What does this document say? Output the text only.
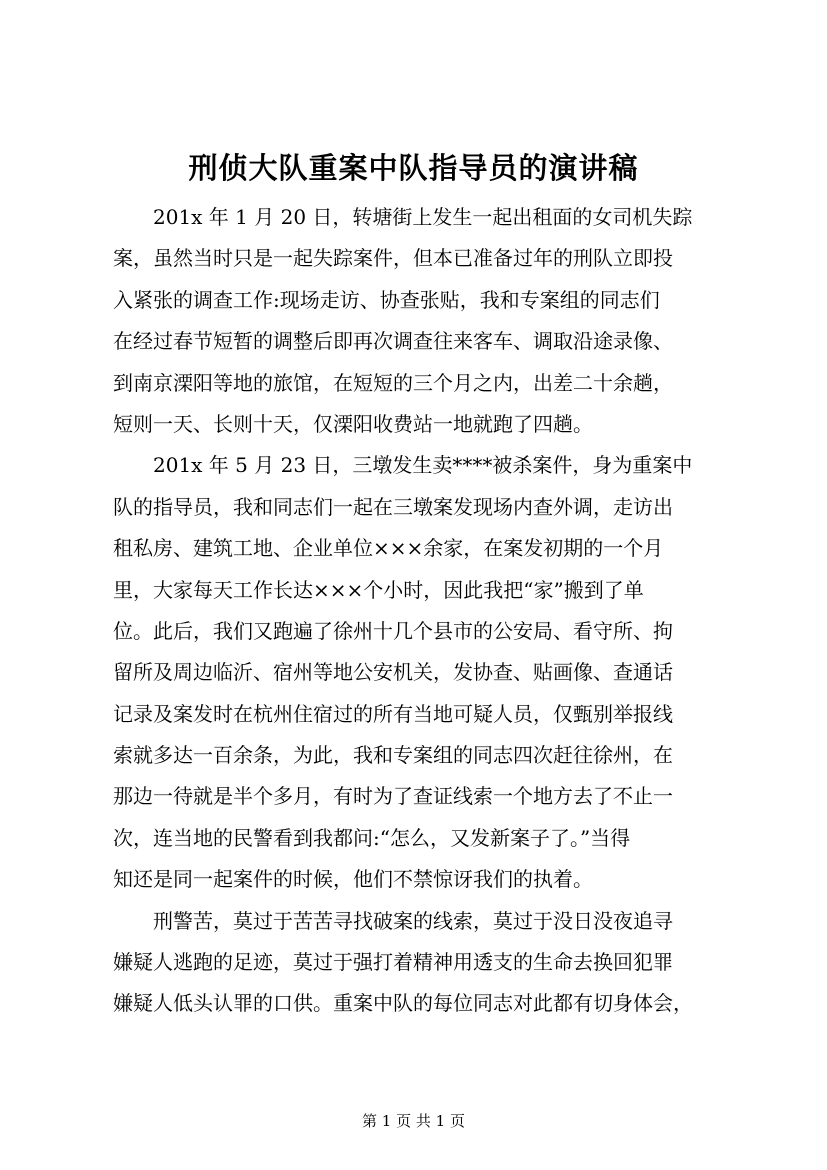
刑侦大队重案中队指导员的演讲稿
201x 年 1 月 20 日，转塘街上发生一起出租面的女司机失踪
案，虽然当时只是一起失踪案件，但本已准备过年的刑队立即投
入紧张的调查工作:现场走访、协查张贴，我和专案组的同志们
在经过春节短暂的调整后即再次调查往来客车、调取沿途录像、
到南京溧阳等地的旅馆，在短短的三个月之内，出差二十余趟，
短则一天、长则十天，仅溧阳收费站一地就跑了四趟。
201x 年 5 月 23 日，三墩发生卖****被杀案件，身为重案中
队的指导员，我和同志们一起在三墩案发现场内查外调，走访出
租私房、建筑工地、企业单位×××余家，在案发初期的一个月
里，大家每天工作长达×××个小时，因此我把“家”搬到了单
位。此后，我们又跑遍了徐州十几个县市的公安局、看守所、拘
留所及周边临沂、宿州等地公安机关，发协查、贴画像、查通话
记录及案发时在杭州住宿过的所有当地可疑人员，仅甄别举报线
索就多达一百余条，为此，我和专案组的同志四次赶往徐州，在
那边一待就是半个多月，有时为了查证线索一个地方去了不止一
次，连当地的民警看到我都问:“怎么，又发新案子了。”当得
知还是同一起案件的时候，他们不禁惊讶我们的执着。
刑警苦，莫过于苦苦寻找破案的线索，莫过于没日没夜追寻
嫌疑人逃跑的足迹，莫过于强打着精神用透支的生命去换回犯罪
嫌疑人低头认罪的口供。重案中队的每位同志对此都有切身体会，
第 1 页 共 1 页
